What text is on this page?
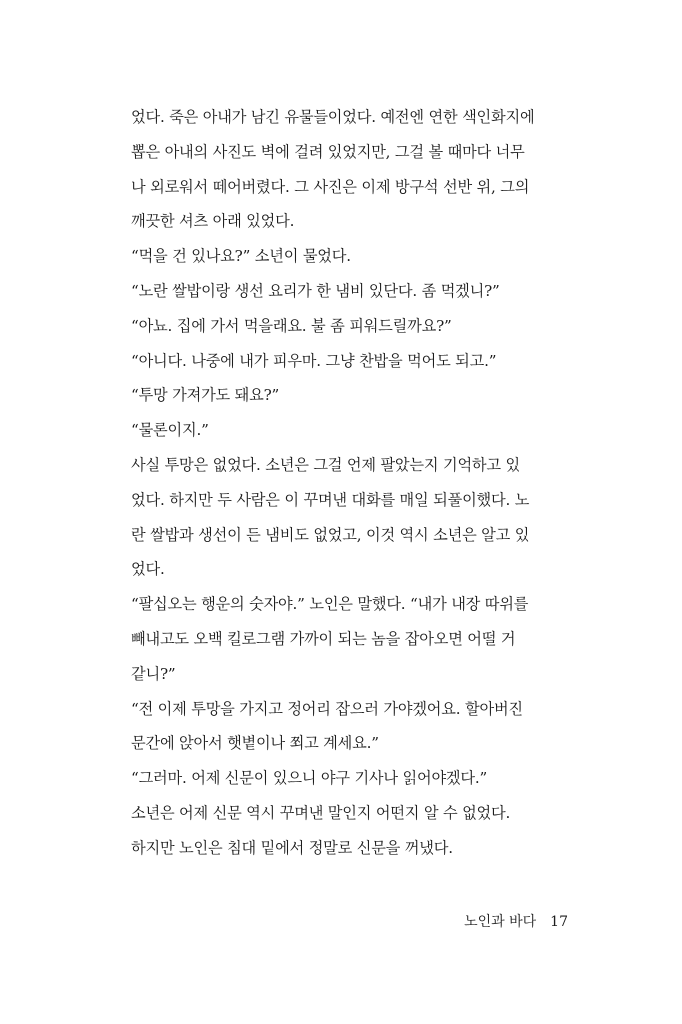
었다. 죽은 아내가 남긴 유물들이었다. 예전엔 연한 색인화지에
뽑은 아내의 사진도 벽에 걸려 있었지만, 그걸 볼 때마다 너무
나 외로워서 떼어버렸다. 그 사진은 이제 방구석 선반 위, 그의
깨끗한 셔츠 아래 있었다.
“먹을 건 있나요?” 소년이 물었다.
“노란 쌀밥이랑 생선 요리가 한 냄비 있단다. 좀 먹겠니?”
“아뇨. 집에 가서 먹을래요. 불 좀 피워드릴까요?”
“아니다. 나중에 내가 피우마. 그냥 찬밥을 먹어도 되고.”
“투망 가져가도 돼요?”
“물론이지.”
사실 투망은 없었다. 소년은 그걸 언제 팔았는지 기억하고 있
었다. 하지만 두 사람은 이 꾸며낸 대화를 매일 되풀이했다. 노
란 쌀밥과 생선이 든 냄비도 없었고, 이것 역시 소년은 알고 있
었다.
“팔십오는 행운의 숫자야.” 노인은 말했다. “내가 내장 따위를
빼내고도 오백 킬로그램 가까이 되는 놈을 잡아오면 어떨 거
같니?”
“전 이제 투망을 가지고 정어리 잡으러 가야겠어요. 할아버진
문간에 앉아서 햇볕이나 쬐고 계세요.”
“그러마. 어제 신문이 있으니 야구 기사나 읽어야겠다.”
소년은 어제 신문 역시 꾸며낸 말인지 어떤지 알 수 없었다.
하지만 노인은 침대 밑에서 정말로 신문을 꺼냈다.
노인과 바다 17
